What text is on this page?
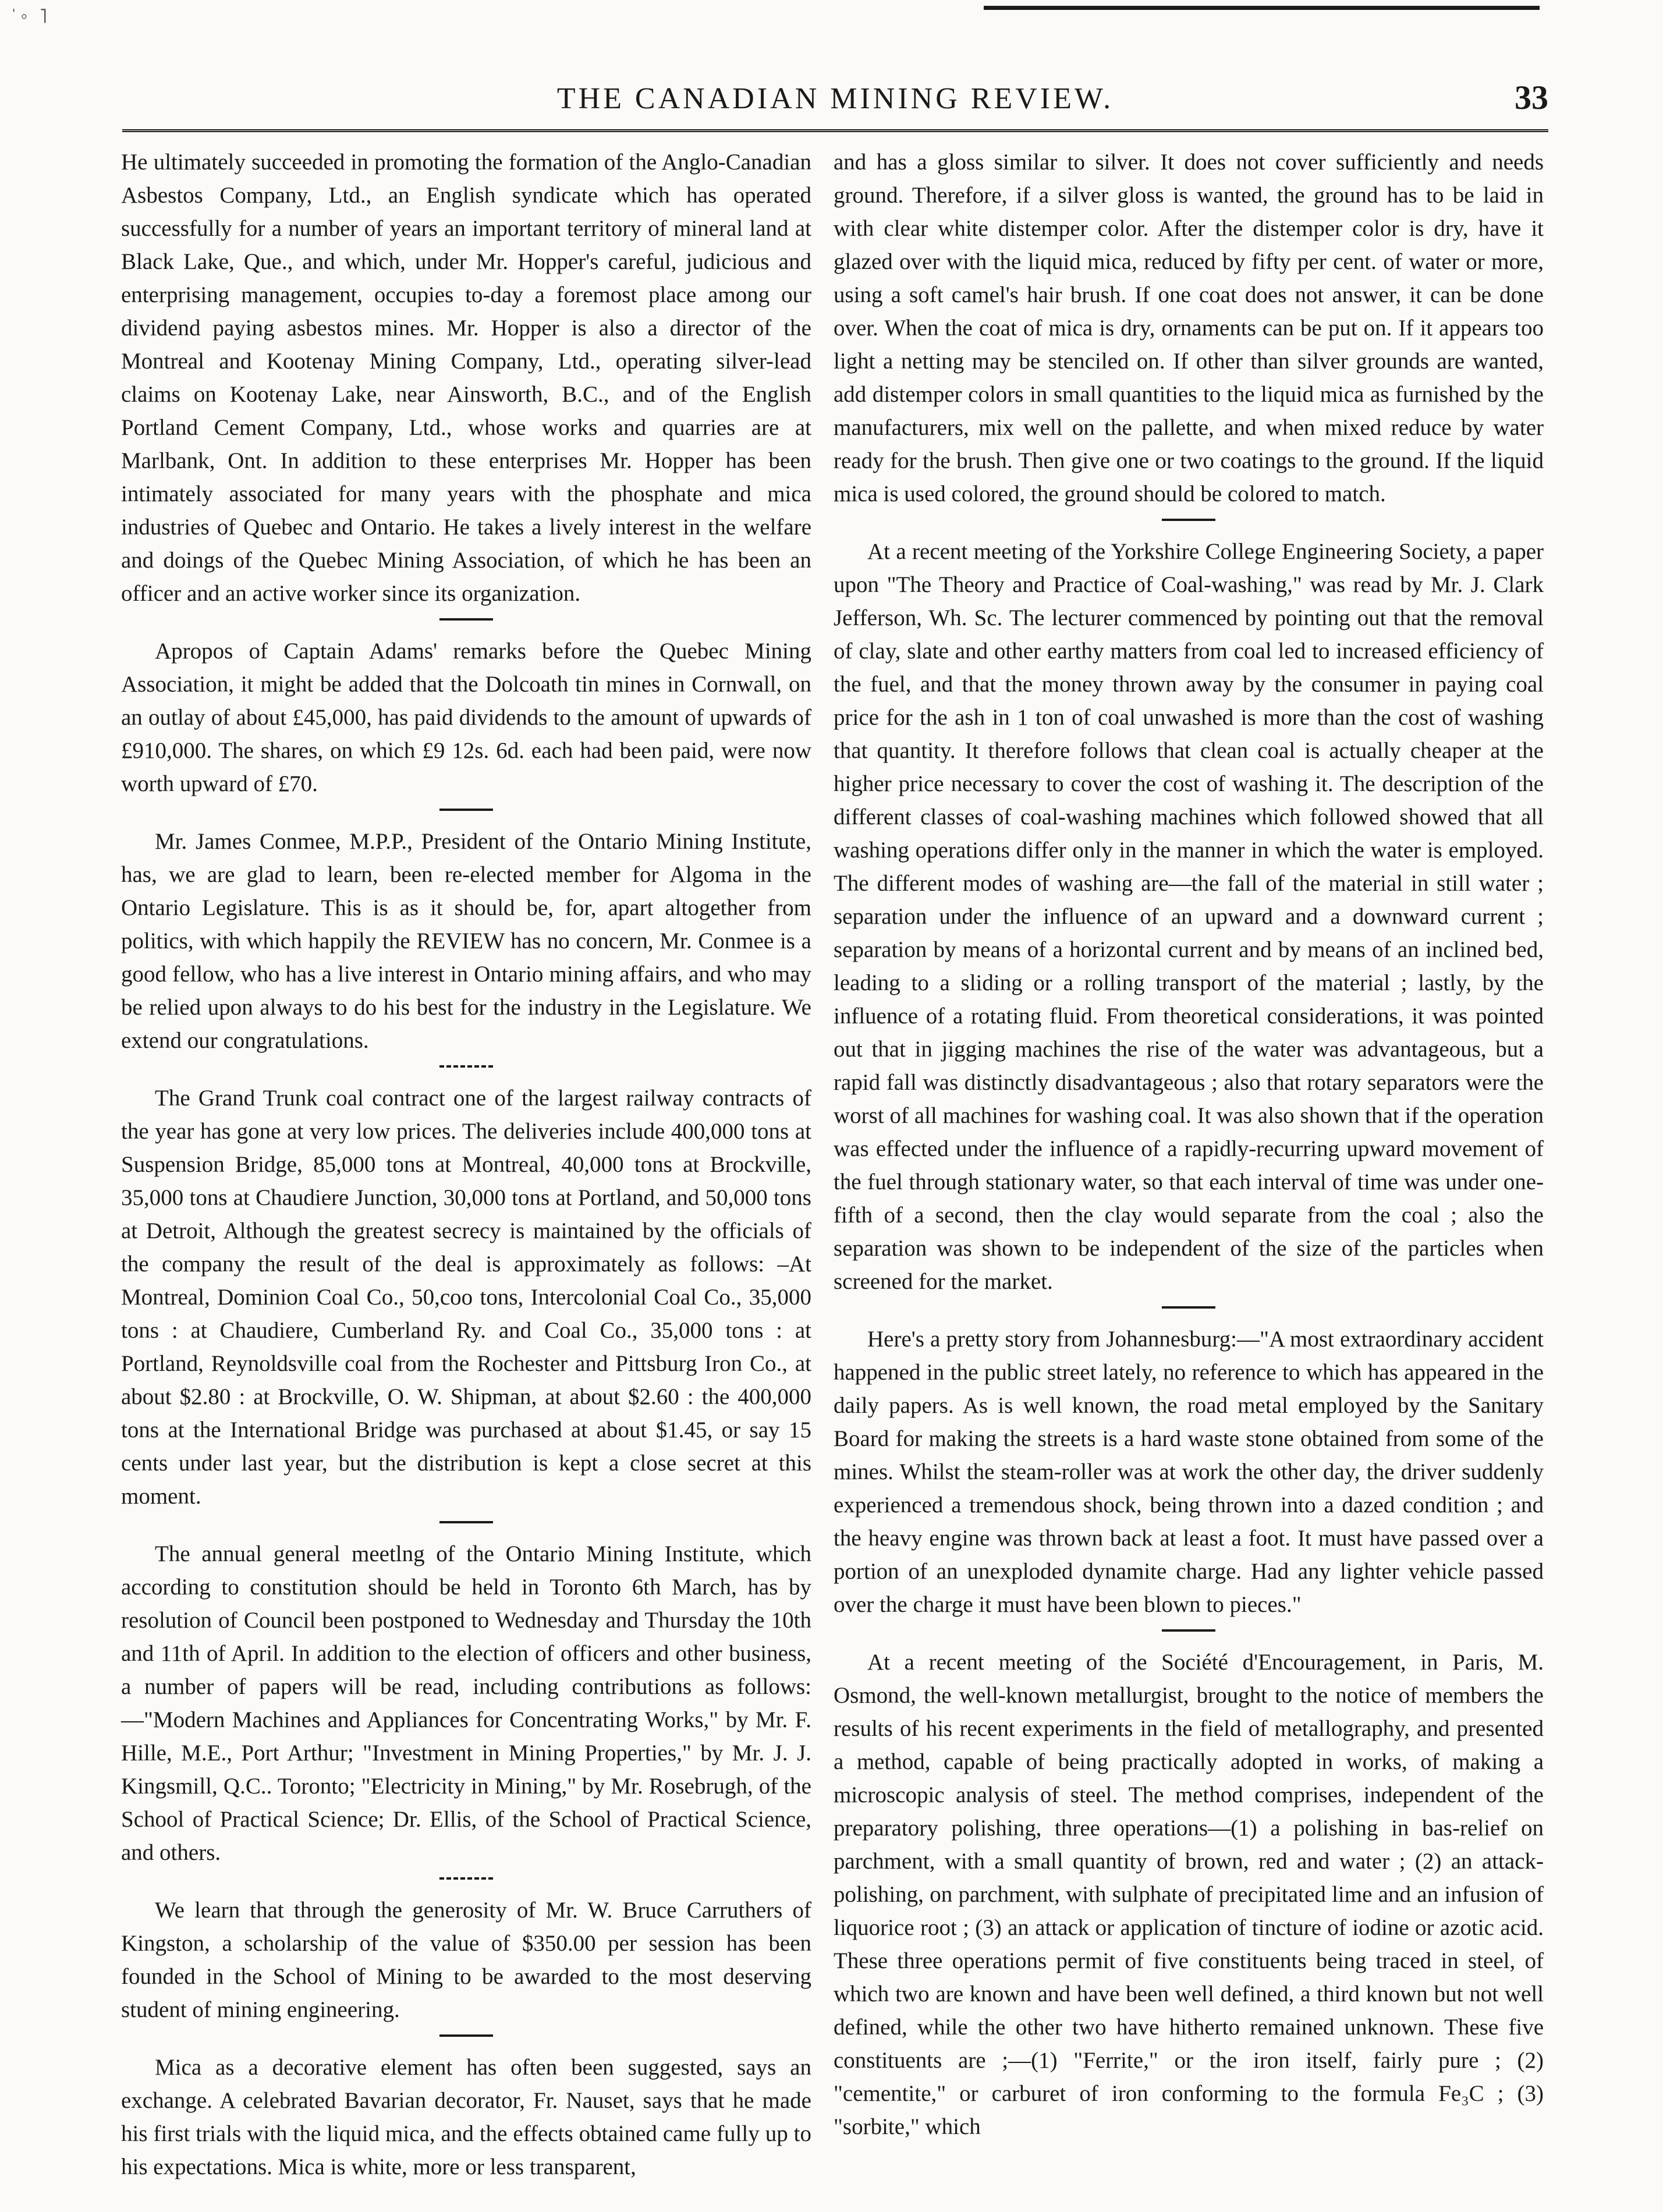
ˈ◦ ˥
THE CANADIAN MINING REVIEW.	33

He ultimately succeeded in promoting the formation of the Anglo-Canadian Asbestos Company, Ltd., an English syndicate which has operated successfully for a number of years an important territory of mineral land at Black Lake, Que., and which, under Mr. Hopper's careful, judicious and enterprising management, occupies to-day a foremost place among our dividend paying asbestos mines. Mr. Hopper is also a director of the Montreal and Kootenay Mining Company, Ltd., operating silver-lead claims on Kootenay Lake, near Ainsworth, B.C., and of the English Portland Cement Company, Ltd., whose works and quarries are at Marlbank, Ont. In addition to these enterprises Mr. Hopper has been intimately associated for many years with the phosphate and mica industries of Quebec and Ontario. He takes a lively interest in the welfare and doings of the Quebec Mining Association, of which he has been an officer and an active worker since its organization.

Apropos of Captain Adams' remarks before the Quebec Mining Association, it might be added that the Dolcoath tin mines in Cornwall, on an outlay of about £45,000, has paid dividends to the amount of upwards of £910,000. The shares, on which £9 12s. 6d. each had been paid, were now worth upward of £70.

Mr. James Conmee, M.P.P., President of the Ontario Mining Institute, has, we are glad to learn, been re-elected member for Algoma in the Ontario Legislature. This is as it should be, for, apart altogether from politics, with which happily the REVIEW has no concern, Mr. Conmee is a good fellow, who has a live interest in Ontario mining affairs, and who may be relied upon always to do his best for the industry in the Legislature. We extend our congratulations.

The Grand Trunk coal contract one of the largest railway contracts of the year has gone at very low prices. The deliveries include 400,000 tons at Suspension Bridge, 85,000 tons at Montreal, 40,000 tons at Brockville, 35,000 tons at Chaudiere Junction, 30,000 tons at Portland, and 50,000 tons at Detroit, Although the greatest secrecy is maintained by the officials of the company the result of the deal is approximately as follows: –At Montreal, Dominion Coal Co., 50,coo tons, Intercolonial Coal Co., 35,000 tons : at Chaudiere, Cumberland Ry. and Coal Co., 35,000 tons : at Portland, Reynoldsville coal from the Rochester and Pittsburg Iron Co., at about $2.80 : at Brockville, O. W. Shipman, at about $2.60 : the 400,000 tons at the International Bridge was purchased at about $1.45, or say 15 cents under last year, but the distribution is kept a close secret at this moment.

The annual general meetlng of the Ontario Mining Institute, which according to constitution should be held in Toronto 6th March, has by resolution of Council been postponed to Wednesday and Thursday the 10th and 11th of April. In addition to the election of officers and other business, a number of papers will be read, including contributions as follows:—"Modern Machines and Appliances for Concentrating Works," by Mr. F. Hille, M.E., Port Arthur; "Investment in Mining Properties," by Mr. J. J. Kingsmill, Q.C.. Toronto; "Electricity in Mining," by Mr. Rosebrugh, of the School of Practical Science; Dr. Ellis, of the School of Practical Science, and others.

We learn that through the generosity of Mr. W. Bruce Carruthers of Kingston, a scholarship of the value of $350.00 per session has been founded in the School of Mining to be awarded to the most deserving student of mining engineering.

Mica as a decorative element has often been suggested, says an exchange. A celebrated Bavarian decorator, Fr. Nauset, says that he made his first trials with the liquid mica, and the effects obtained came fully up to his expectations. Mica is white, more or less transparent,

and has a gloss similar to silver. It does not cover sufficiently and needs ground. Therefore, if a silver gloss is wanted, the ground has to be laid in with clear white distemper color. After the distemper color is dry, have it glazed over with the liquid mica, reduced by fifty per cent. of water or more, using a soft camel's hair brush. If one coat does not answer, it can be done over. When the coat of mica is dry, ornaments can be put on. If it appears too light a netting may be stenciled on. If other than silver grounds are wanted, add distemper colors in small quantities to the liquid mica as furnished by the manufacturers, mix well on the pallette, and when mixed reduce by water ready for the brush. Then give one or two coatings to the ground. If the liquid mica is used colored, the ground should be colored to match.

At a recent meeting of the Yorkshire College Engineering Society, a paper upon "The Theory and Practice of Coal-washing," was read by Mr. J. Clark Jefferson, Wh. Sc. The lecturer commenced by pointing out that the removal of clay, slate and other earthy matters from coal led to increased efficiency of the fuel, and that the money thrown away by the consumer in paying coal price for the ash in 1 ton of coal unwashed is more than the cost of washing that quantity. It therefore follows that clean coal is actually cheaper at the higher price necessary to cover the cost of washing it. The description of the different classes of coal-washing machines which followed showed that all washing operations differ only in the manner in which the water is employed. The different modes of washing are—the fall of the material in still water ; separation under the influence of an upward and a downward current ; separation by means of a horizontal current and by means of an inclined bed, leading to a sliding or a rolling transport of the material ; lastly, by the influence of a rotating fluid. From theoretical considerations, it was pointed out that in jigging machines the rise of the water was advantageous, but a rapid fall was distinctly disadvantageous ; also that rotary separators were the worst of all machines for washing coal. It was also shown that if the operation was effected under the influence of a rapidly-recurring upward movement of the fuel through stationary water, so that each interval of time was under one-fifth of a second, then the clay would separate from the coal ; also the separation was shown to be independent of the size of the particles when screened for the market.

Here's a pretty story from Johannesburg:—"A most extraordinary accident happened in the public street lately, no reference to which has appeared in the daily papers. As is well known, the road metal employed by the Sanitary Board for making the streets is a hard waste stone obtained from some of the mines. Whilst the steam-roller was at work the other day, the driver suddenly experienced a tremendous shock, being thrown into a dazed condition ; and the heavy engine was thrown back at least a foot. It must have passed over a portion of an unexploded dynamite charge. Had any lighter vehicle passed over the charge it must have been blown to pieces."

At a recent meeting of the Société d'Encouragement, in Paris, M. Osmond, the well-known metallurgist, brought to the notice of members the results of his recent experiments in the field of metallography, and presented a method, capable of being practically adopted in works, of making a microscopic analysis of steel. The method comprises, independent of the preparatory polishing, three operations—(1) a polishing in bas-relief on parchment, with a small quantity of brown, red and water ; (2) an attack-polishing, on parchment, with sulphate of precipitated lime and an infusion of liquorice root ; (3) an attack or application of tincture of iodine or azotic acid. These three operations permit of five constituents being traced in steel, of which two are known and have been well defined, a third known but not well defined, while the other two have hitherto remained unknown. These five constituents are ;—(1) "Ferrite," or the iron itself, fairly pure ; (2) "cementite," or carburet of iron conforming to the formula Fe₃C ; (3) "sorbite," which
